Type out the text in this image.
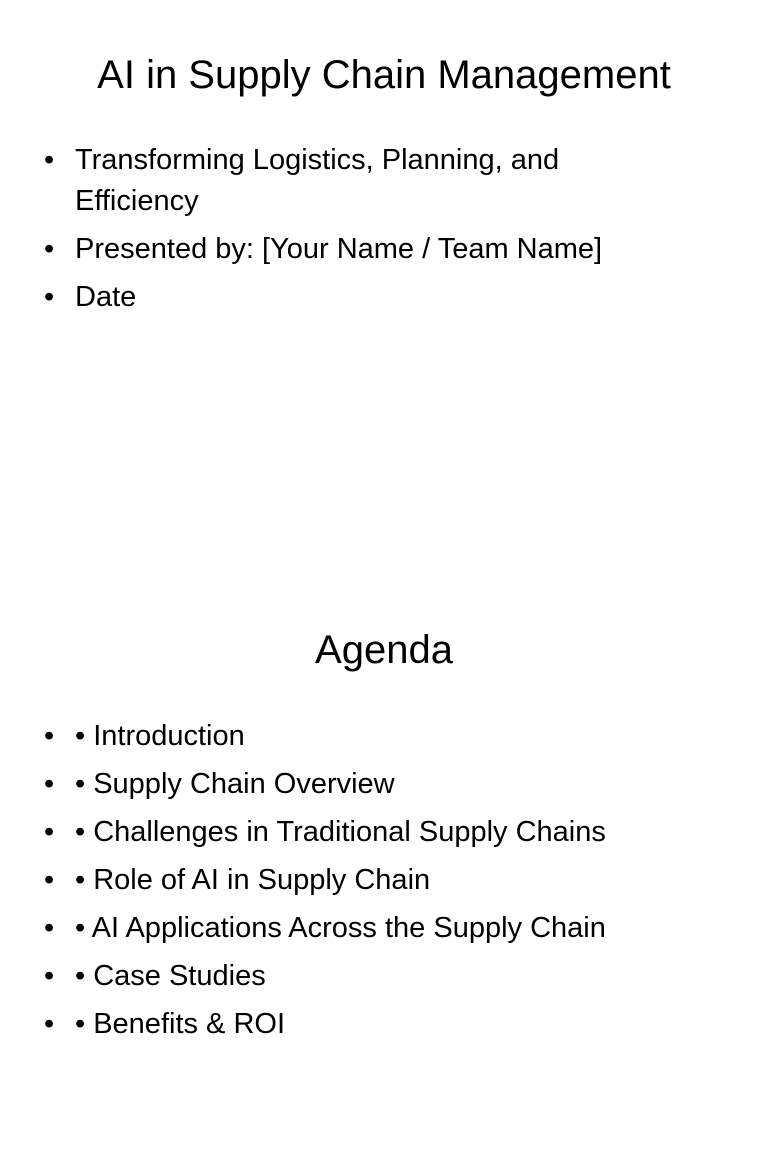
AI in Supply Chain Management
• Transforming Logistics, Planning, and Efficiency
• Presented by: [Your Name / Team Name]
• Date
Agenda
• • Introduction
• • Supply Chain Overview
• • Challenges in Traditional Supply Chains
• • Role of AI in Supply Chain
• • AI Applications Across the Supply Chain
• • Case Studies
• • Benefits & ROI
